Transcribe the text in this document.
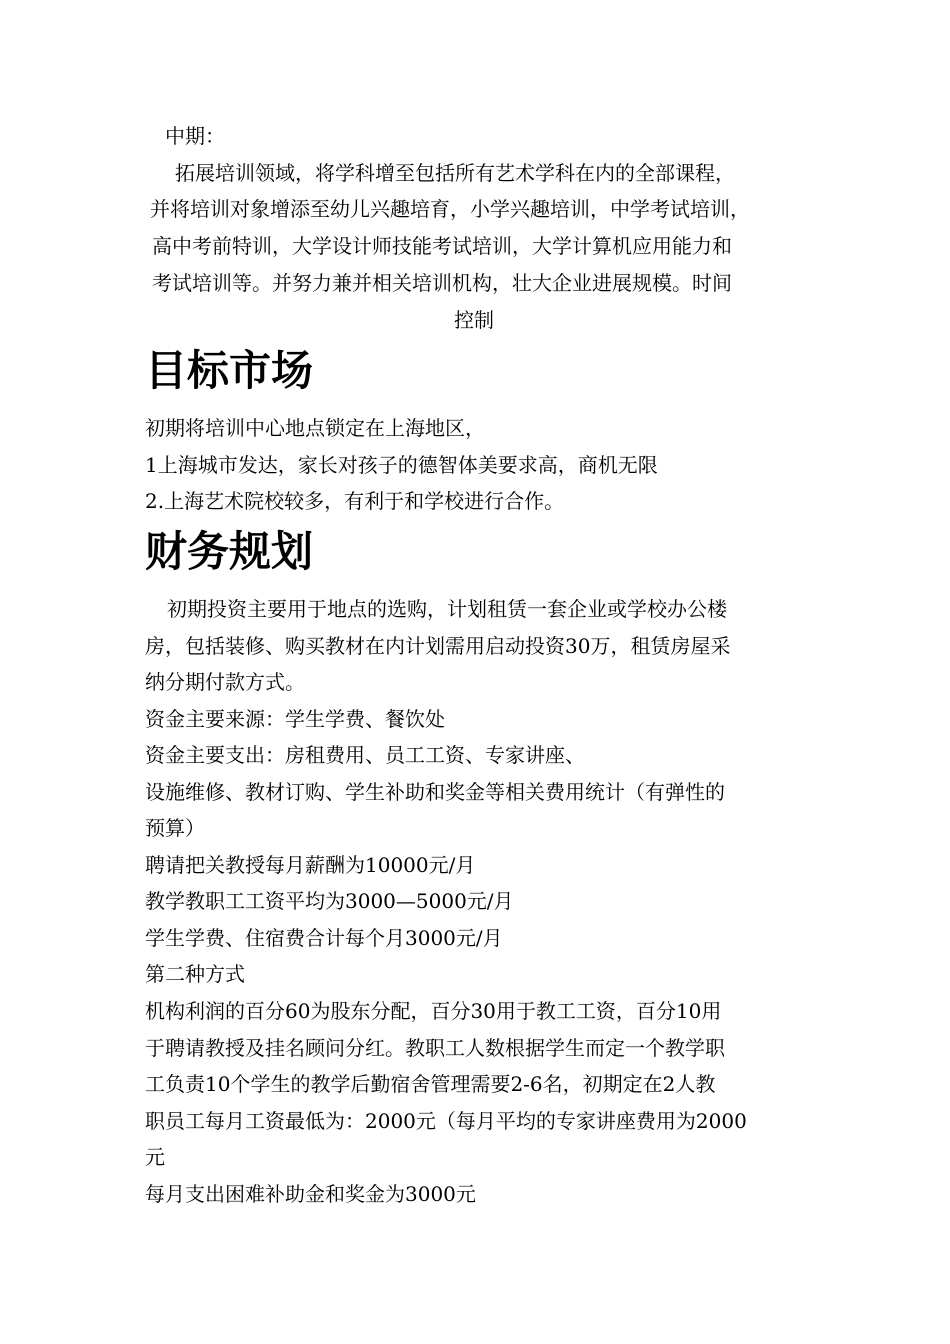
中期：

拓展培训领域，将学科增至包括所有艺术学科在内的全部课程，

并将培训对象增添至幼儿兴趣培育，小学兴趣培训，中学考试培训，

高中考前特训，大学设计师技能考试培训，大学计算机应用能力和

考试培训等。并努力兼并相关培训机构，壮大企业进展规模。时间

控制

目标市场

初期将培训中心地点锁定在上海地区，

1上海城市发达，家长对孩子的德智体美要求高，商机无限

2.上海艺术院校较多，有利于和学校进行合作。

财务规划

初期投资主要用于地点的选购，计划租赁一套企业或学校办公楼

房，包括装修、购买教材在内计划需用启动投资30万，租赁房屋采

纳分期付款方式。

资金主要来源：学生学费、餐饮处

资金主要支出：房租费用、员工工资、专家讲座、

设施维修、教材订购、学生补助和奖金等相关费用统计（有弹性的

预算）

聘请把关教授每月薪酬为10000元/月

教学教职工工资平均为3000—5000元/月

学生学费、住宿费合计每个月3000元/月

第二种方式

机构利润的百分60为股东分配，百分30用于教工工资，百分10用

于聘请教授及挂名顾问分红。教职工人数根据学生而定一个教学职

工负责10个学生的教学后勤宿舍管理需要2-6名，初期定在2人教

职员工每月工资最低为：2000元（每月平均的专家讲座费用为2000

元

每月支出困难补助金和奖金为3000元
